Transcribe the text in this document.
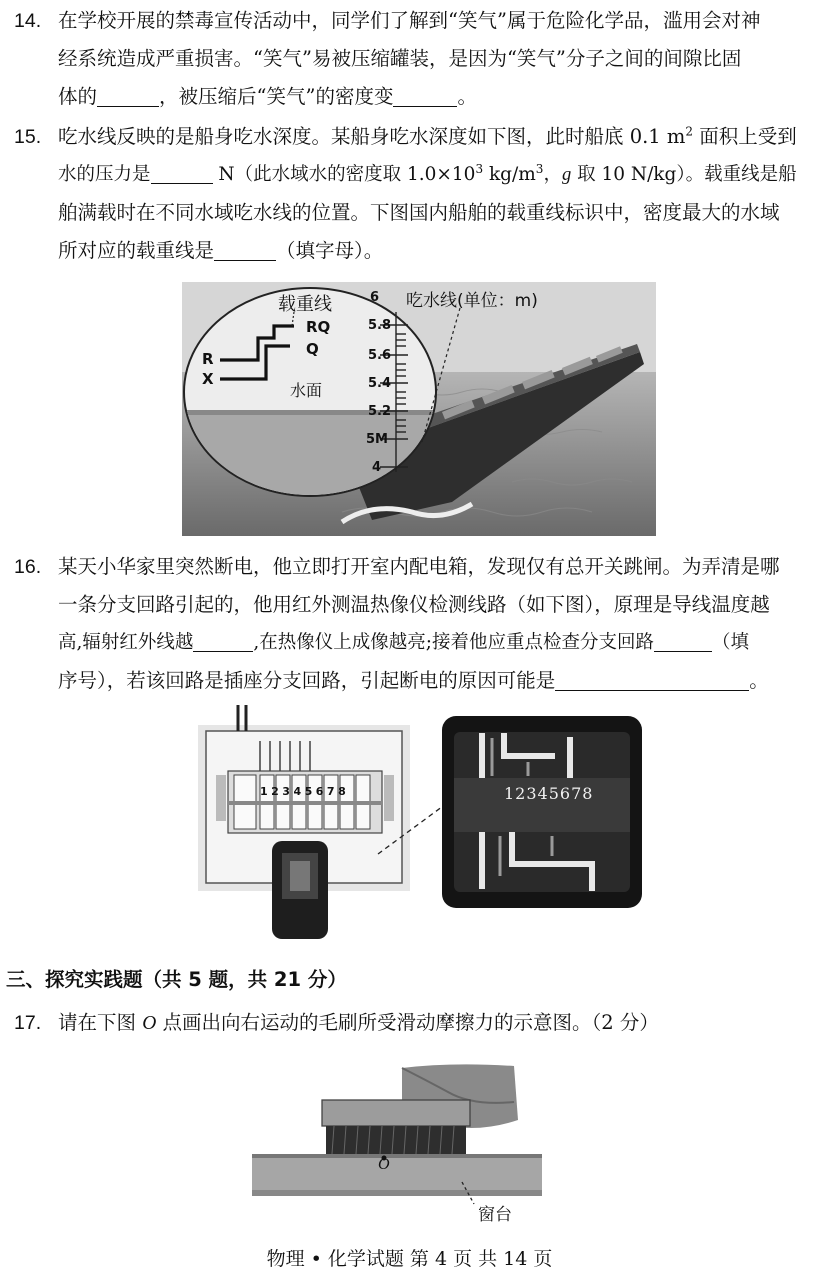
14. 在学校开展的禁毒宣传活动中，同学们了解到“笑气”属于危险化学品，滥用会对神
经系统造成严重损害。“笑气”易被压缩罐装，是因为“笑气”分子之间的间隙比固
体的	，被压缩后“笑气”的密度变	。
15. 吃水线反映的是船身吃水深度。某船身吃水深度如下图，此时船底 0.1 $m^2$ 面积上受到
水的压力是	N（此水域水的密度取 $1.0\times 10^3$ $kg/m^3$，g 取 10 N/kg）。载重线是船
舶满载时在不同水域吃水线的位置。下图国内船舶的载重线标识中，密度最大的水域
所对应的载重线是	（填字母）。
载重线	吃水线(单位：m)
RQ
Q
R
X
水面
6
5.8
5.6
5.4
5.2
5M
4
16. 某天小华家里突然断电，他立即打开室内配电箱，发现仅有总开关跳闸。为弄清是哪
一条分支回路引起的，他用红外测温热像仪检测线路（如下图），原理是导线温度越
高,辐射红外线越	,在热像仪上成像越亮;接着他应重点检查分支回路	（填
序号），若该回路是插座分支回路，引起断电的原因可能是	。
12345678	12345678
三、探究实践题（共 5 题，共 21 分）
17. 请在下图 O 点画出向右运动的毛刷所受滑动摩擦力的示意图。（2 分）
O
窗台
物理 • 化学试题 第 4 页 共 14 页
